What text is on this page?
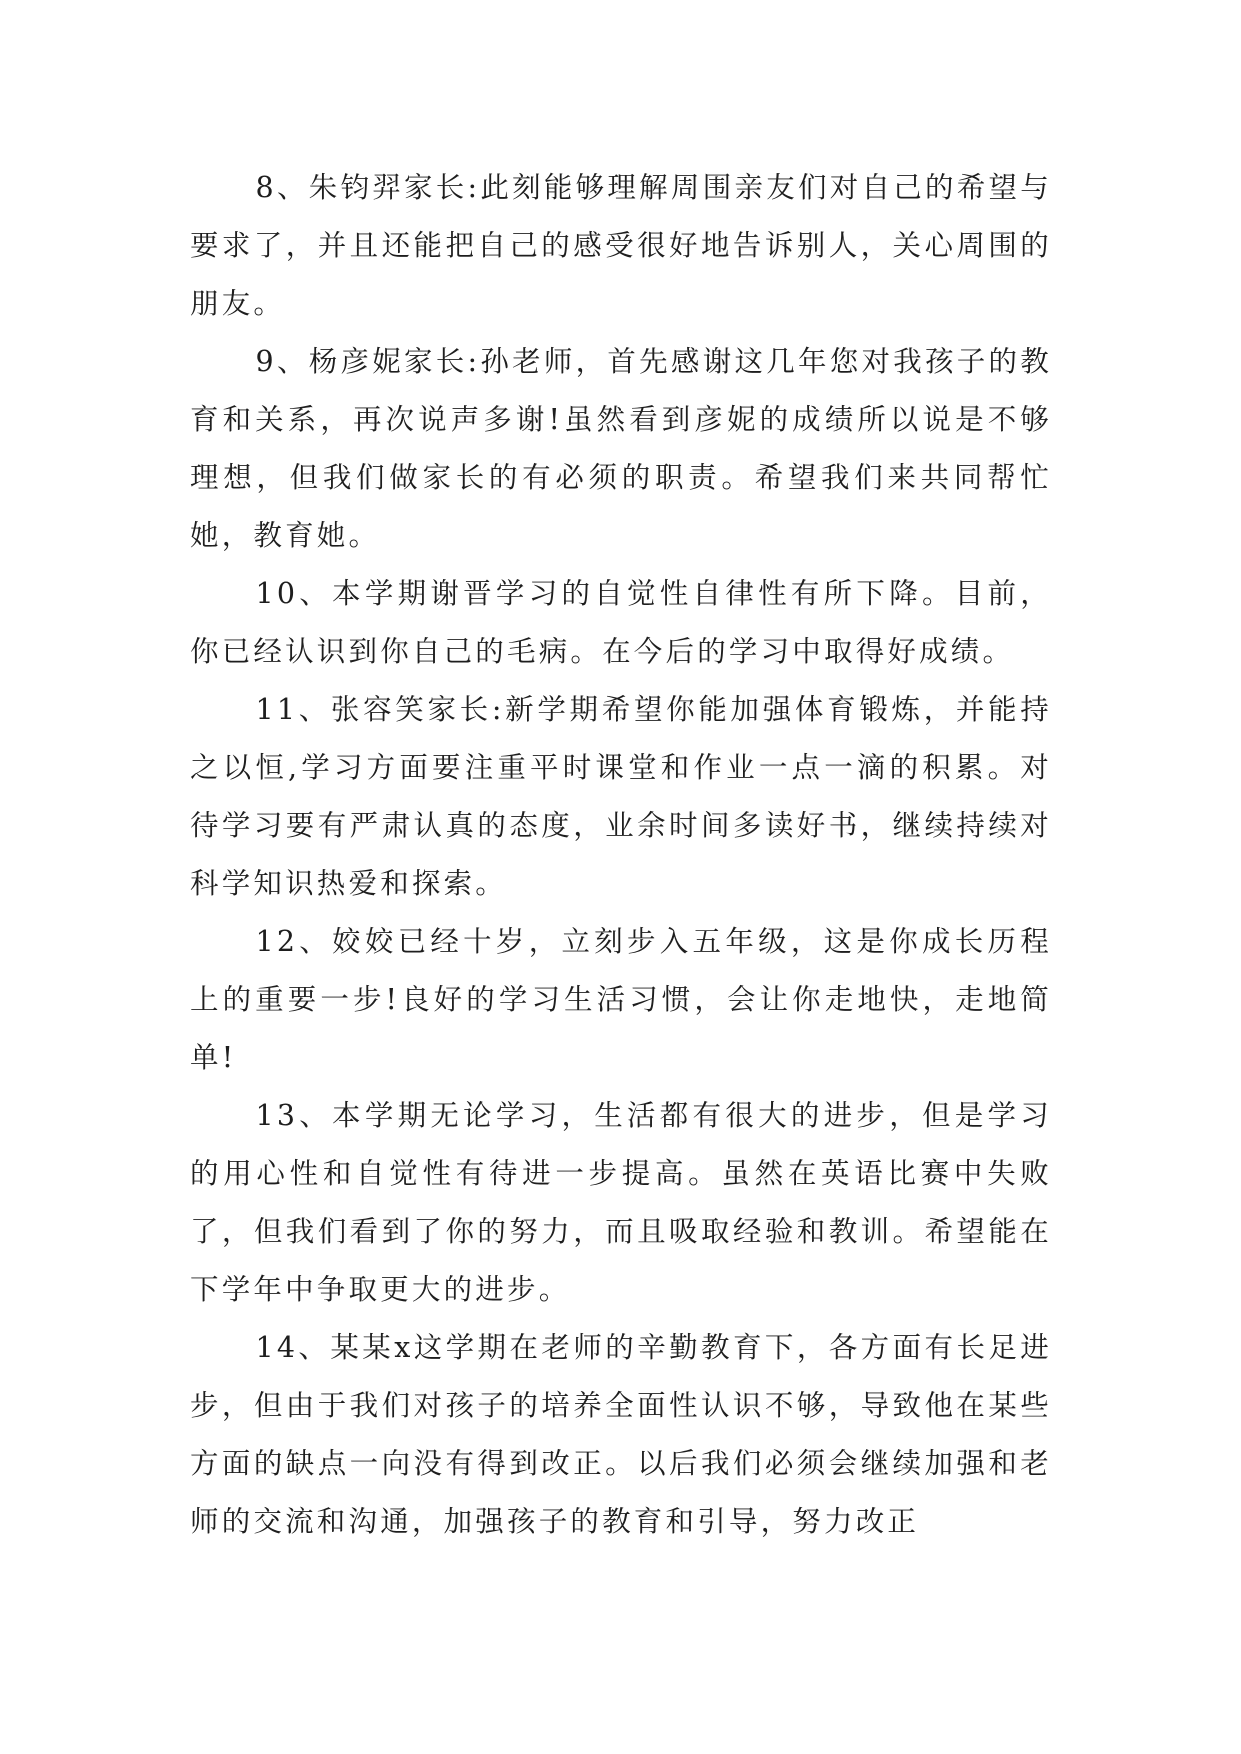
8、朱钧羿家长:此刻能够理解周围亲友们对自己的希望与要求了，并且还能把自己的感受很好地告诉别人，关心周围的朋友。

9、杨彦妮家长:孙老师，首先感谢这几年您对我孩子的教育和关系，再次说声多谢!虽然看到彦妮的成绩所以说是不够理想，但我们做家长的有必须的职责。希望我们来共同帮忙她，教育她。

10、本学期谢晋学习的自觉性自律性有所下降。目前，你已经认识到你自己的毛病。在今后的学习中取得好成绩。

11、张容笑家长:新学期希望你能加强体育锻炼，并能持之以恒,学习方面要注重平时课堂和作业一点一滴的积累。对待学习要有严肃认真的态度，业余时间多读好书，继续持续对科学知识热爱和探索。

12、姣姣已经十岁，立刻步入五年级，这是你成长历程上的重要一步!良好的学习生活习惯，会让你走地快，走地简单!

13、本学期无论学习，生活都有很大的进步，但是学习的用心性和自觉性有待进一步提高。虽然在英语比赛中失败了，但我们看到了你的努力，而且吸取经验和教训。希望能在下学年中争取更大的进步。

14、某某x这学期在老师的辛勤教育下，各方面有长足进步，但由于我们对孩子的培养全面性认识不够，导致他在某些方面的缺点一向没有得到改正。以后我们必须会继续加强和老师的交流和沟通，加强孩子的教育和引导，努力改正
